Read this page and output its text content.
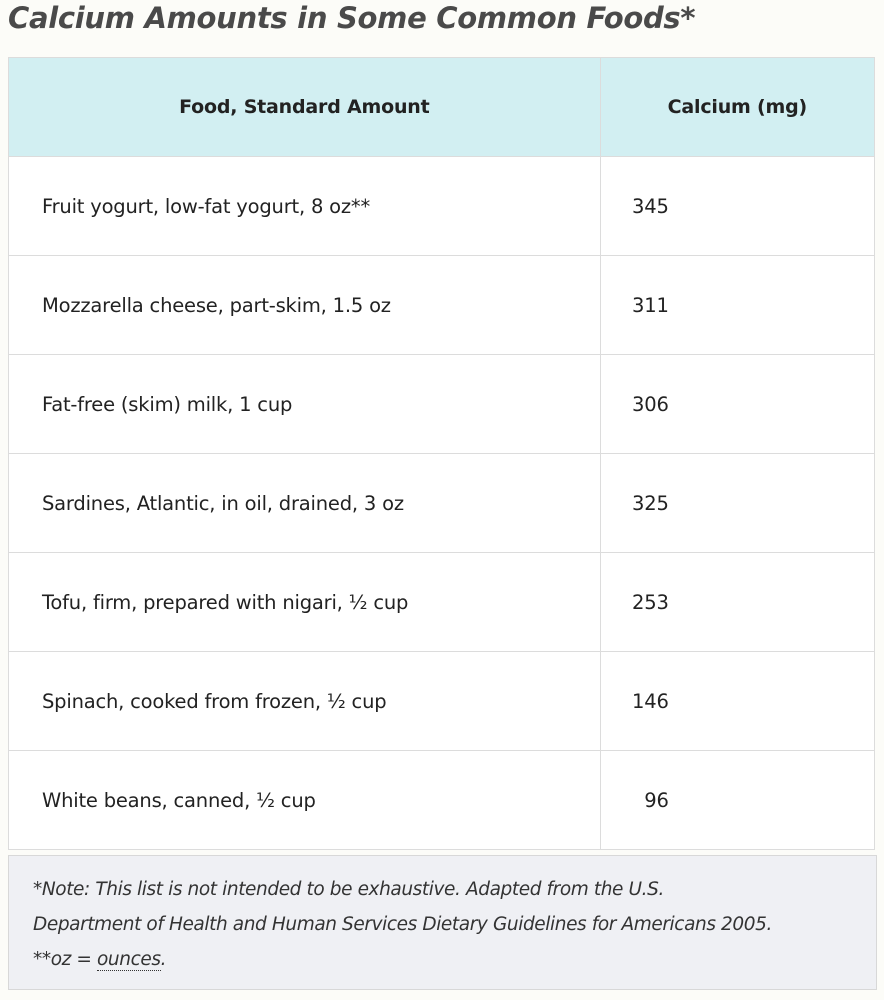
Calcium Amounts in Some Common Foods*
Food, Standard Amount	Calcium (mg)
Fruit yogurt, low-fat yogurt, 8 oz**	345
Mozzarella cheese, part-skim, 1.5 oz	311
Fat-free (skim) milk, 1 cup	306
Sardines, Atlantic, in oil, drained, 3 oz	325
Tofu, firm, prepared with nigari, ½ cup	253
Spinach, cooked from frozen, ½ cup	146
White beans, canned, ½ cup	96
*Note: This list is not intended to be exhaustive. Adapted from the U.S.
Department of Health and Human Services Dietary Guidelines for Americans 2005.
**oz = ounces.
